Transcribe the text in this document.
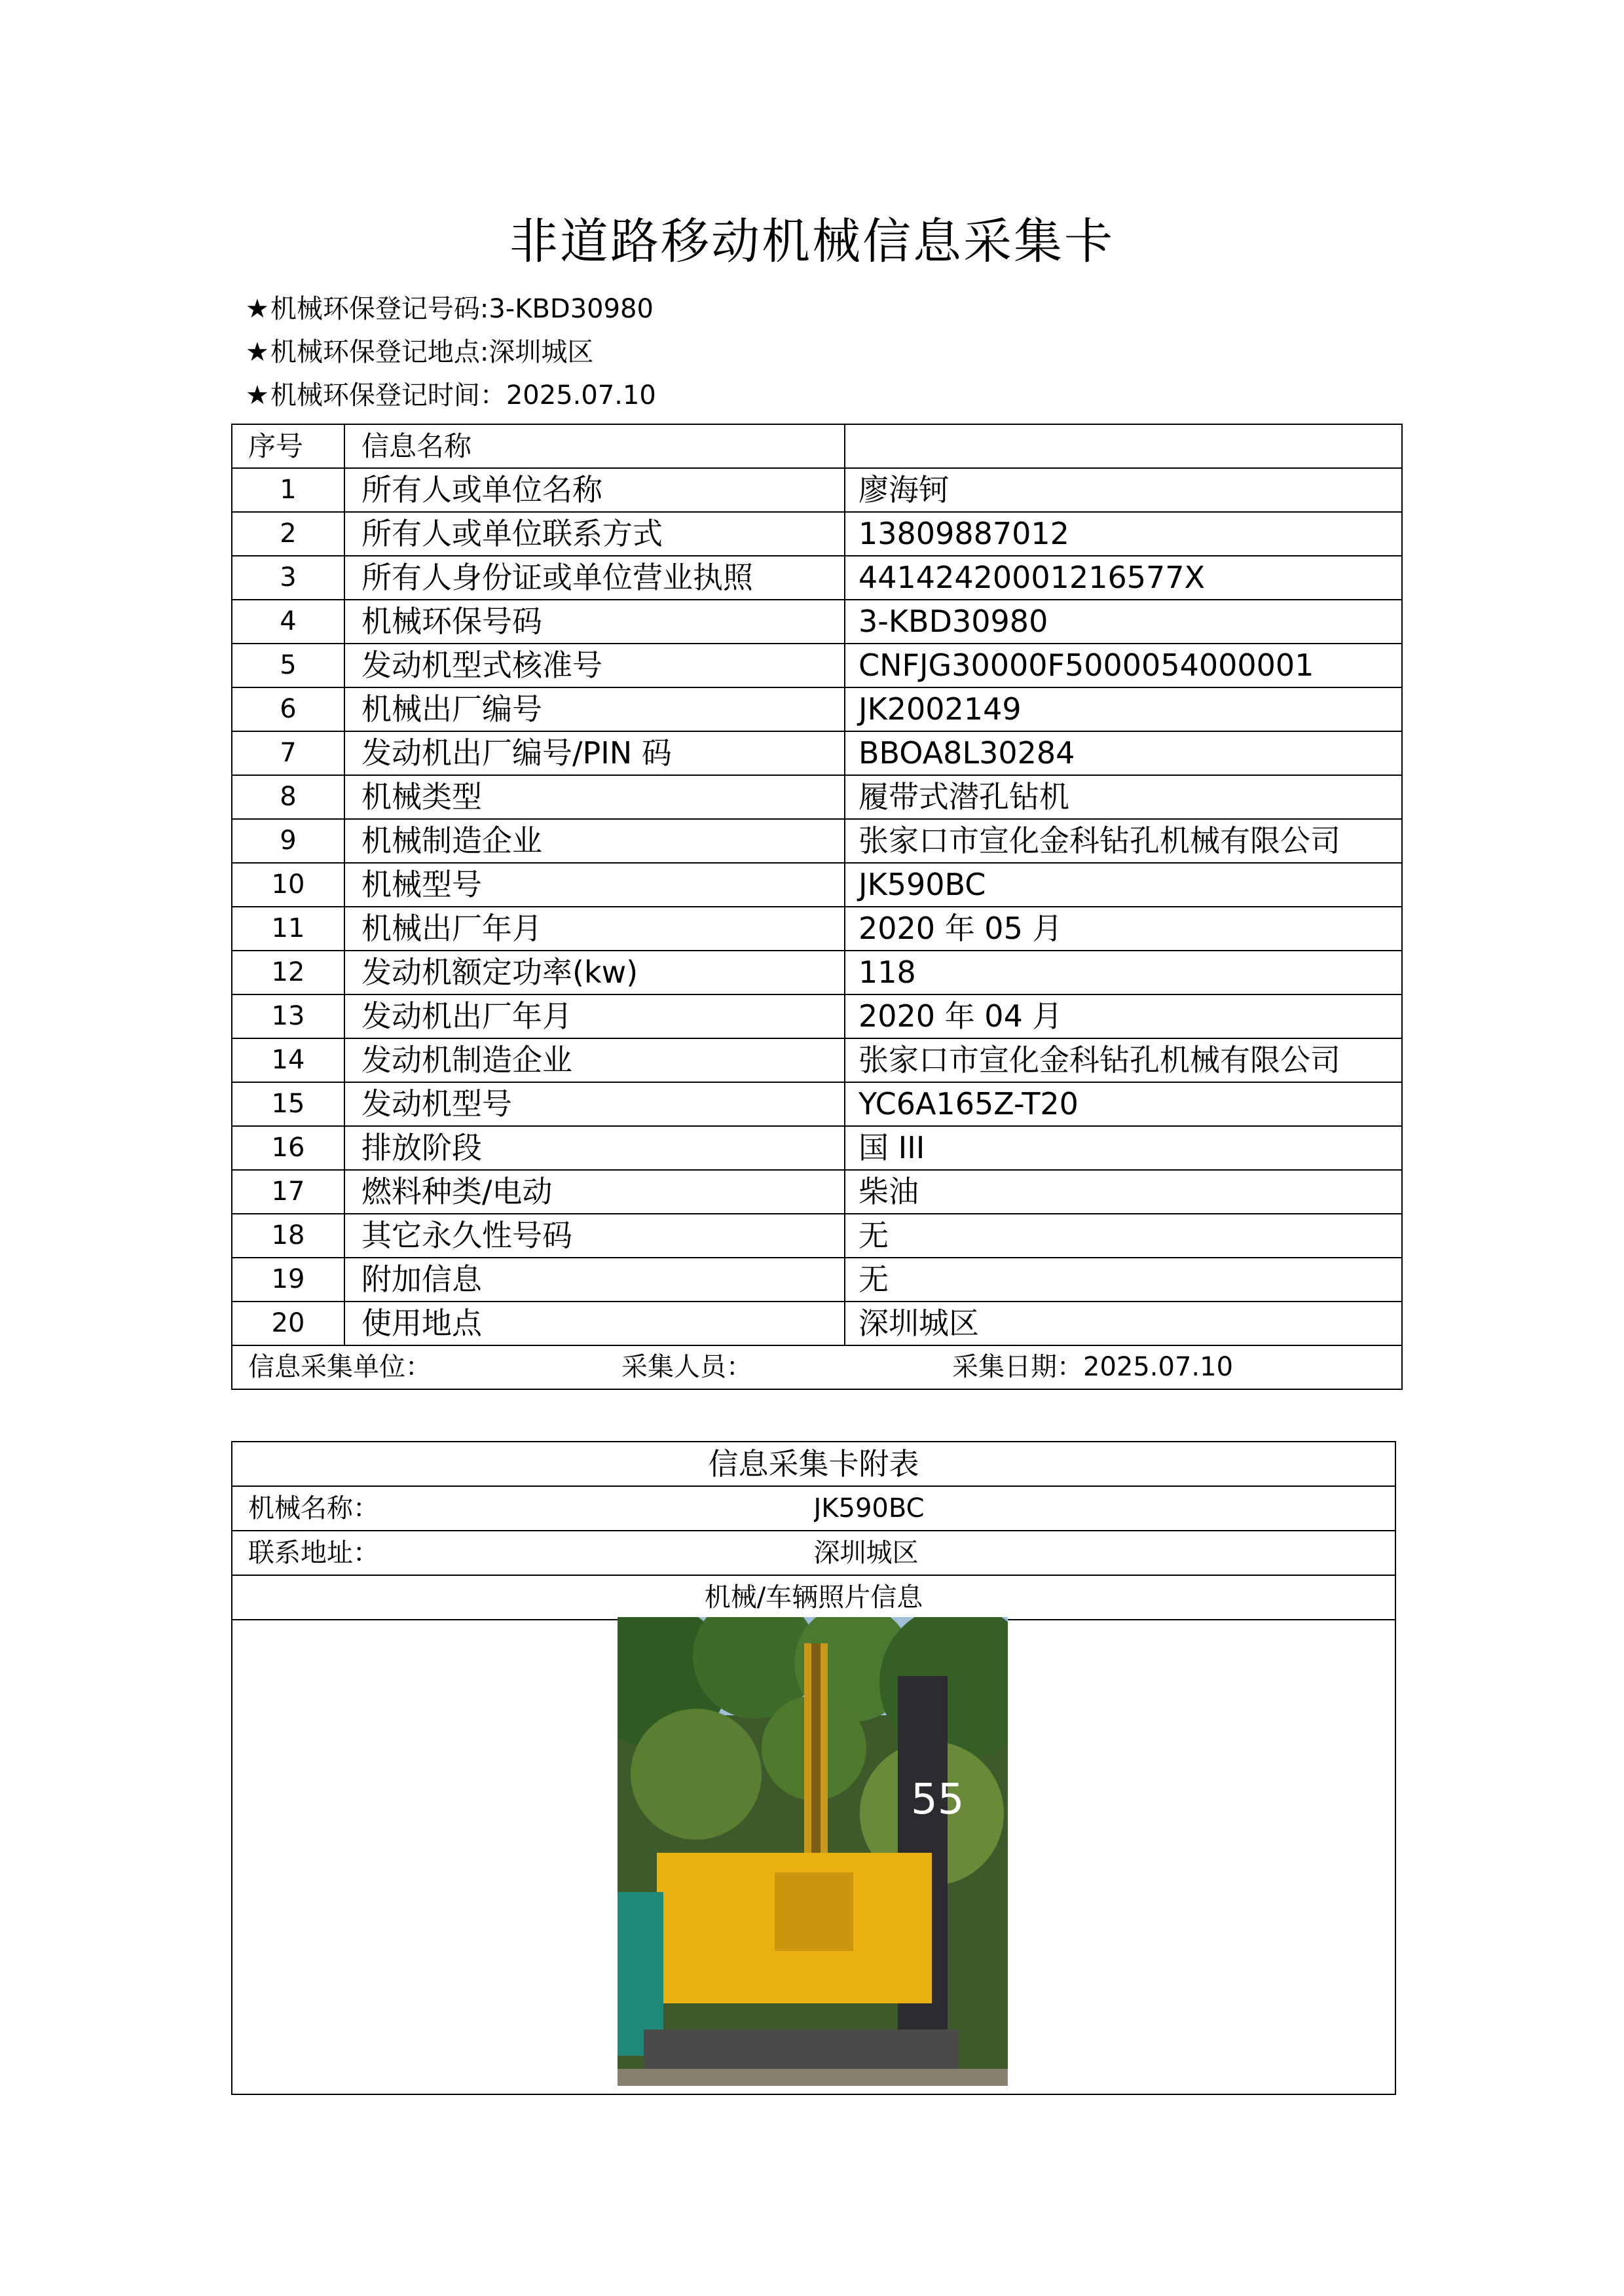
非道路移动机械信息采集卡
★机械环保登记号码:3-KBD30980
★机械环保登记地点:深圳城区
★机械环保登记时间：2025.07.10
序号	信息名称	
1	所有人或单位名称	廖海钶
2	所有人或单位联系方式	13809887012
3	所有人身份证或单位营业执照	44142420001216577X
4	机械环保号码	3-KBD30980
5	发动机型式核准号	CNFJG30000F5000054000001
6	机械出厂编号	JK2002149
7	发动机出厂编号/PIN 码	BBOA8L30284
8	机械类型	履带式潜孔钻机
9	机械制造企业	张家口市宣化金科钻孔机械有限公司
10	机械型号	JK590BC
11	机械出厂年月	2020 年 05 月
12	发动机额定功率(kw)	118
13	发动机出厂年月	2020 年 04 月
14	发动机制造企业	张家口市宣化金科钻孔机械有限公司
15	发动机型号	YC6A165Z-T20
16	排放阶段	国 III
17	燃料种类/电动	柴油
18	其它永久性号码	无
19	附加信息	无
20	使用地点	深圳城区
信息采集单位： 采集人员： 采集日期：2025.07.10		
信息采集卡附表	
机械名称：	JK590BC
联系地址：	深圳城区
机械/车辆照片信息	

55
